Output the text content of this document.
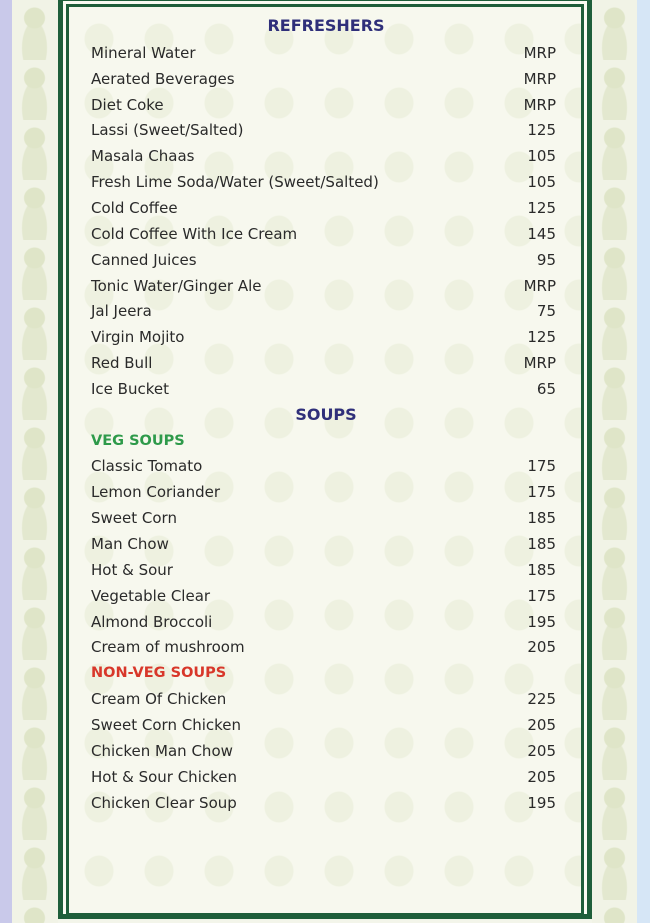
REFRESHERS
Mineral Water	MRP
Aerated Beverages	MRP
Diet Coke	MRP
Lassi (Sweet/Salted)	125
Masala Chaas	105
Fresh Lime Soda/Water (Sweet/Salted)	105
Cold Coffee	125
Cold Coffee With Ice Cream	145
Canned Juices	95
Tonic Water/Ginger Ale	MRP
Jal Jeera	75
Virgin Mojito	125
Red Bull	MRP
Ice Bucket	65
SOUPS
VEG SOUPS
Classic Tomato	175
Lemon Coriander	175
Sweet Corn	185
Man Chow	185
Hot & Sour	185
Vegetable Clear	175
Almond Broccoli	195
Cream of mushroom	205
NON-VEG SOUPS
Cream Of Chicken	225
Sweet Corn Chicken	205
Chicken Man Chow	205
Hot & Sour Chicken	205
Chicken Clear Soup	195
